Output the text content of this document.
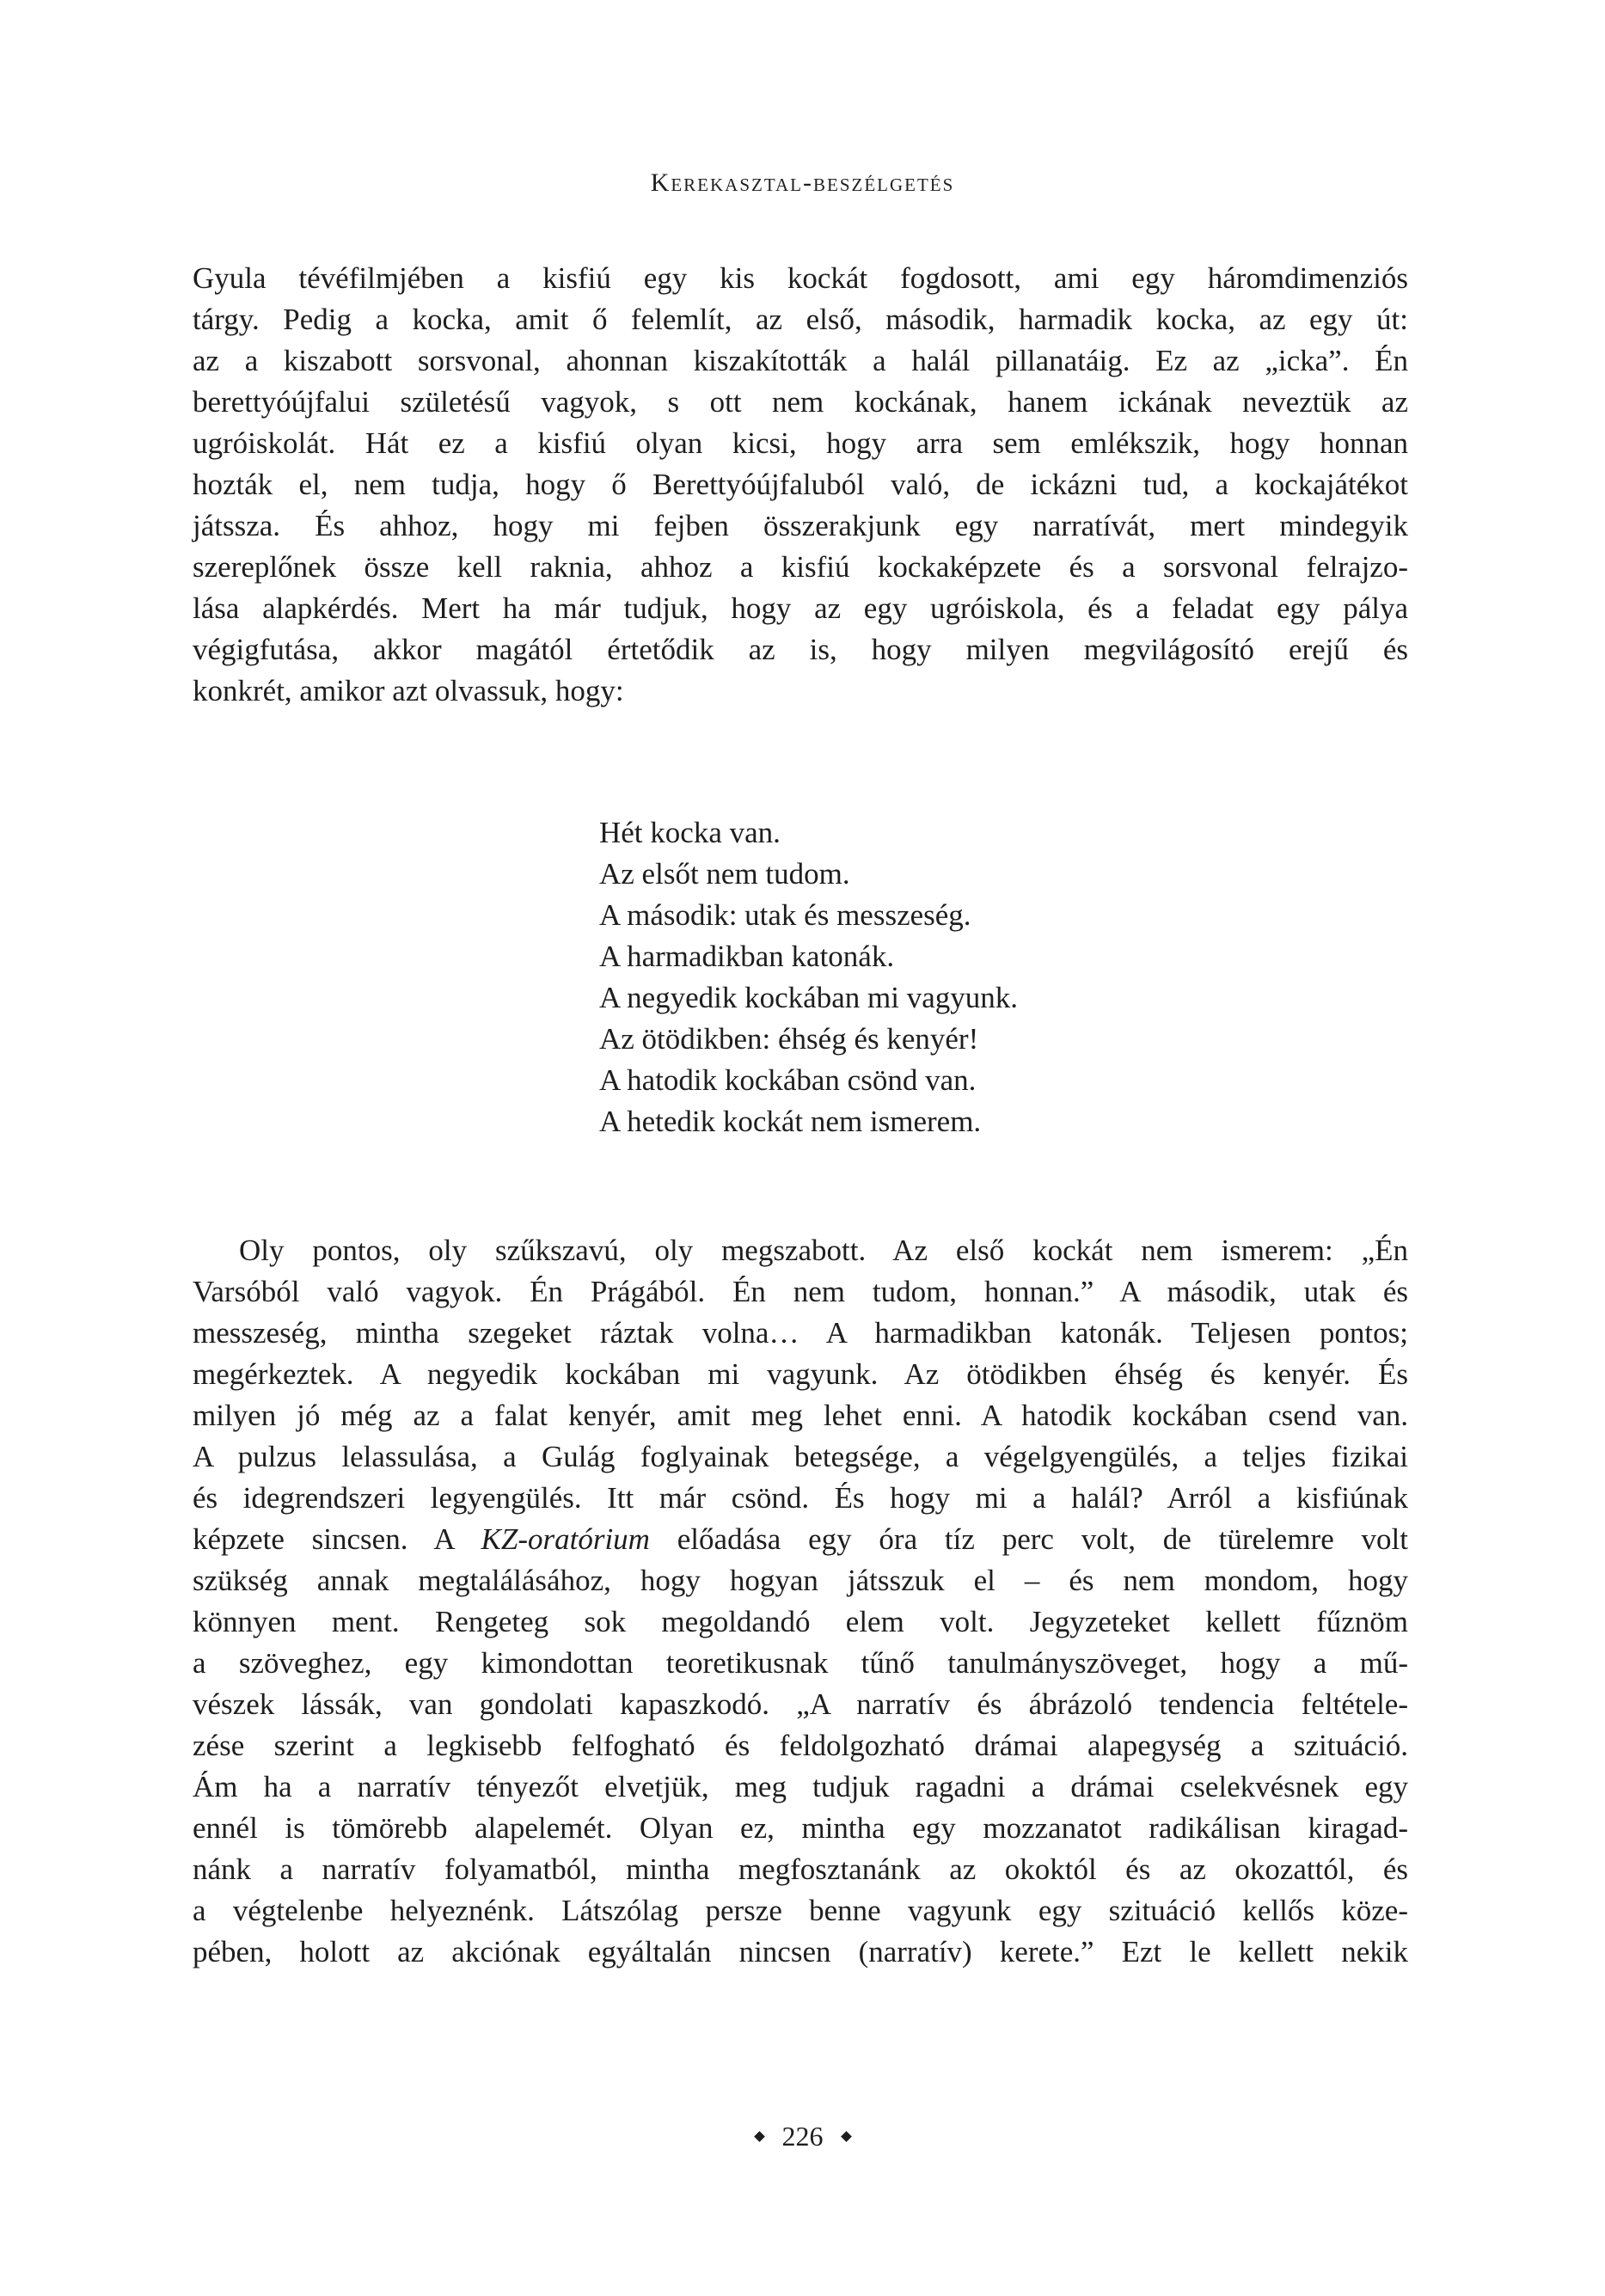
Kerekasztal-beszélgetés
Gyula tévéfilmjében a kisfiú egy kis kockát fogdosott, ami egy háromdimenziós
tárgy. Pedig a kocka, amit ő felemlít, az első, második, harmadik kocka, az egy út:
az a kiszabott sorsvonal, ahonnan kiszakították a halál pillanatáig. Ez az „icka”. Én
berettyóújfalui születésű vagyok, s ott nem kockának, hanem ickának neveztük az
ugróiskolát. Hát ez a kisfiú olyan kicsi, hogy arra sem emlékszik, hogy honnan
hozták el, nem tudja, hogy ő Berettyóújfaluból való, de ickázni tud, a kockajátékot
játssza. És ahhoz, hogy mi fejben összerakjunk egy narratívát, mert mindegyik
szereplőnek össze kell raknia, ahhoz a kisfiú kockaképzete és a sorsvonal felrajzo-
lása alapkérdés. Mert ha már tudjuk, hogy az egy ugróiskola, és a feladat egy pálya
végigfutása, akkor magától értetődik az is, hogy milyen megvilágosító erejű és
konkrét, amikor azt olvassuk, hogy:
Hét kocka van.
Az elsőt nem tudom.
A második: utak és messzeség.
A harmadikban katonák.
A negyedik kockában mi vagyunk.
Az ötödikben: éhség és kenyér!
A hatodik kockában csönd van.
A hetedik kockát nem ismerem.
Oly pontos, oly szűkszavú, oly megszabott. Az első kockát nem ismerem: „Én
Varsóból való vagyok. Én Prágából. Én nem tudom, honnan.” A második, utak és
messzeség, mintha szegeket ráztak volna… A harmadikban katonák. Teljesen pontos;
megérkeztek. A negyedik kockában mi vagyunk. Az ötödikben éhség és kenyér. És
milyen jó még az a falat kenyér, amit meg lehet enni. A hatodik kockában csend van.
A pulzus lelassulása, a Gulág foglyainak betegsége, a végelgyengülés, a teljes fizikai
és idegrendszeri legyengülés. Itt már csönd. És hogy mi a halál? Arról a kisfiúnak
képzete sincsen. A KZ-oratórium előadása egy óra tíz perc volt, de türelemre volt
szükség annak megtalálásához, hogy hogyan játsszuk el – és nem mondom, hogy
könnyen ment. Rengeteg sok megoldandó elem volt. Jegyzeteket kellett fűznöm
a szöveghez, egy kimondottan teoretikusnak tűnő tanulmányszöveget, hogy a mű-
vészek lássák, van gondolati kapaszkodó. „A narratív és ábrázoló tendencia feltétele-
zése szerint a legkisebb felfogható és feldolgozható drámai alapegység a szituáció.
Ám ha a narratív tényezőt elvetjük, meg tudjuk ragadni a drámai cselekvésnek egy
ennél is tömörebb alapelemét. Olyan ez, mintha egy mozzanatot radikálisan kiragad-
nánk a narratív folyamatból, mintha megfosztanánk az okoktól és az okozattól, és
a végtelenbe helyeznénk. Látszólag persze benne vagyunk egy szituáció kellős köze-
pében, holott az akciónak egyáltalán nincsen (narratív) kerete.” Ezt le kellett nekik
226
